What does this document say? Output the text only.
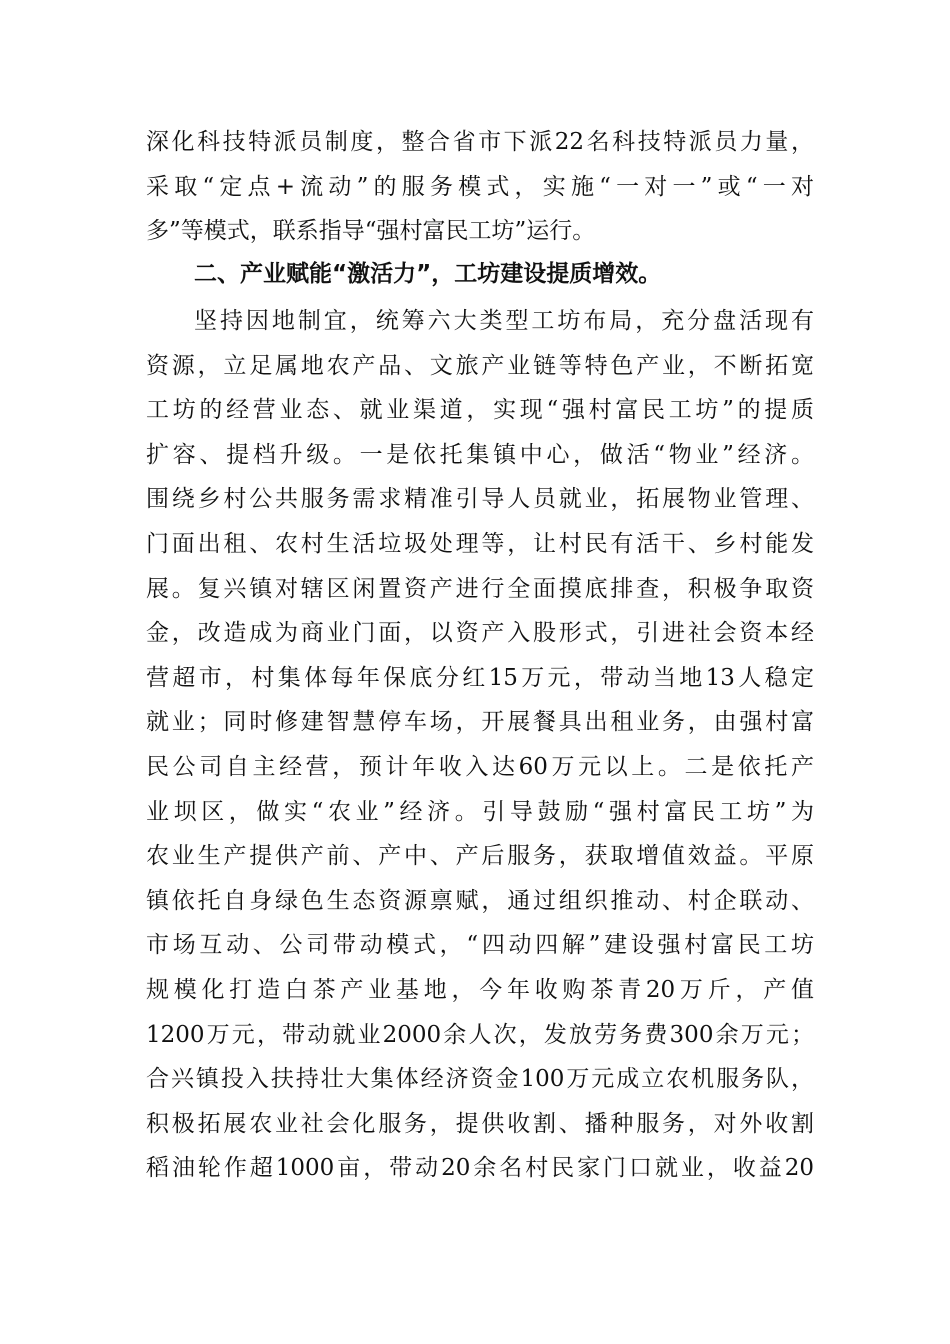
深化科技特派员制度，整合省市下派22名科技特派员力量，
采取“定点+流动”的服务模式，实施“一对一”或“一对
多”等模式，联系指导“强村富民工坊”运行。
二、产业赋能“激活力”，工坊建设提质增效。
坚持因地制宜，统筹六大类型工坊布局，充分盘活现有
资源，立足属地农产品、文旅产业链等特色产业，不断拓宽
工坊的经营业态、就业渠道，实现“强村富民工坊”的提质
扩容、提档升级。一是依托集镇中心，做活“物业”经济。
围绕乡村公共服务需求精准引导人员就业，拓展物业管理、
门面出租、农村生活垃圾处理等，让村民有活干、乡村能发
展。复兴镇对辖区闲置资产进行全面摸底排查，积极争取资
金，改造成为商业门面，以资产入股形式，引进社会资本经
营超市，村集体每年保底分红15万元，带动当地13人稳定
就业；同时修建智慧停车场，开展餐具出租业务，由强村富
民公司自主经营，预计年收入达60万元以上。二是依托产
业坝区，做实“农业”经济。引导鼓励“强村富民工坊”为
农业生产提供产前、产中、产后服务，获取增值效益。平原
镇依托自身绿色生态资源禀赋，通过组织推动、村企联动、
市场互动、公司带动模式，“四动四解”建设强村富民工坊
规模化打造白茶产业基地，今年收购茶青20万斤，产值
1200万元，带动就业2000余人次，发放劳务费300余万元；
合兴镇投入扶持壮大集体经济资金100万元成立农机服务队，
积极拓展农业社会化服务，提供收割、播种服务，对外收割
稻油轮作超1000亩，带动20余名村民家门口就业，收益20
